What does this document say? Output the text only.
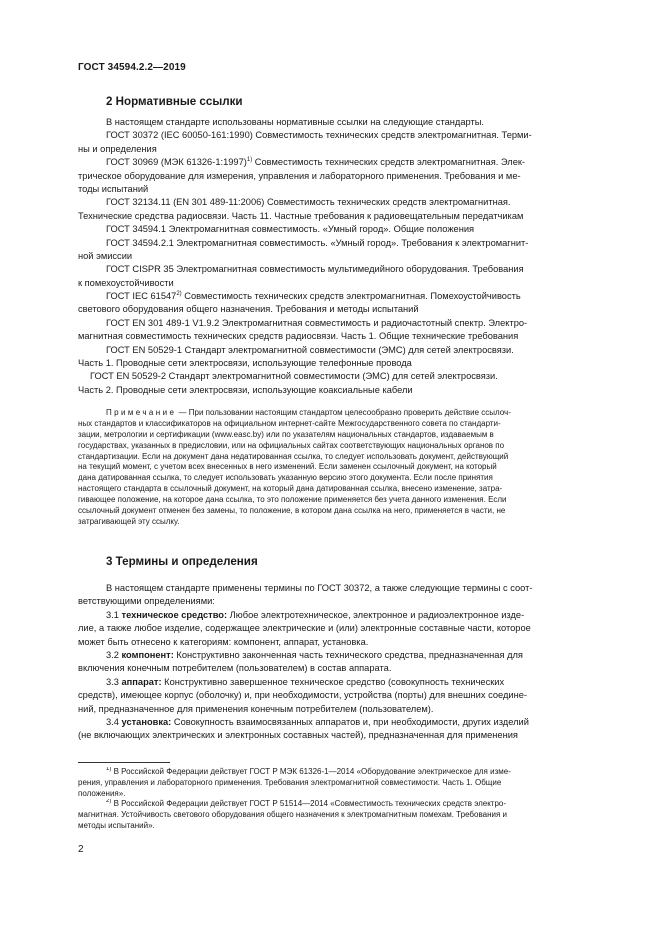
ГОСТ 34594.2.2—2019
2 Нормативные ссылки
В настоящем стандарте использованы нормативные ссылки на следующие стандарты.
ГОСТ 30372 (IEC 60050-161:1990) Совместимость технических средств электромагнитная. Терми-
ны и определения
ГОСТ 30969 (МЭК 61326-1:1997)$^{1)}$ Совместимость технических средств электромагнитная. Элек-
трическое оборудование для измерения, управления и лабораторного применения. Требования и ме-
тоды испытаний
ГОСТ 32134.11 (EN 301 489-11:2006) Совместимость технических средств электромагнитная.
Технические средства радиосвязи. Часть 11. Частные требования к радиовещательным передатчикам
ГОСТ 34594.1 Электромагнитная совместимость. «Умный город». Общие положения
ГОСТ 34594.2.1 Электромагнитная совместимость. «Умный город». Требования к электромагнит-
ной эмиссии
ГОСТ CISPR 35 Электромагнитная совместимость мультимедийного оборудования. Требования
к помехоустойчивости
ГОСТ IEC 61547$^{2)}$ Совместимость технических средств электромагнитная. Помехоустойчивость
светового оборудования общего назначения. Требования и методы испытаний
ГОСТ EN 301 489-1 V1.9.2 Электромагнитная совместимость и радиочастотный спектр. Электро-
магнитная совместимость технических средств радиосвязи. Часть 1. Общие технические требования
ГОСТ EN 50529-1 Стандарт электромагнитной совместимости (ЭМС) для сетей электросвязи.
Часть 1. Проводные сети электросвязи, использующие телефонные провода
ГОСТ EN 50529-2 Стандарт электромагнитной совместимости (ЭМС) для сетей электросвязи.
Часть 2. Проводные сети электросвязи, использующие коаксиальные кабели
Примечание — При пользовании настоящим стандартом целесообразно проверить действие ссылоч-
ных стандартов и классификаторов на официальном интернет-сайте Межгосударственного совета по стандарти-
зации, метрологии и сертификации (www.easc.by) или по указателям национальных стандартов, издаваемым в
государствах, указанных в предисловии, или на официальных сайтах соответствующих национальных органов по
стандартизации. Если на документ дана недатированная ссылка, то следует использовать документ, действующий
на текущий момент, с учетом всех внесенных в него изменений. Если заменен ссылочный документ, на который
дана датированная ссылка, то следует использовать указанную версию этого документа. Если после принятия
настоящего стандарта в ссылочный документ, на который дана датированная ссылка, внесено изменение, затра-
гивающее положение, на которое дана ссылка, то это положение применяется без учета данного изменения. Если
ссылочный документ отменен без замены, то положение, в котором дана ссылка на него, применяется в части, не
затрагивающей эту ссылку.
3 Термины и определения
В настоящем стандарте применены термины по ГОСТ 30372, а также следующие термины с соот-
ветствующими определениями:
3.1 техническое средство: Любое электротехническое, электронное и радиоэлектронное изде-
лие, а также любое изделие, содержащее электрические и (или) электронные составные части, которое
может быть отнесено к категориям: компонент, аппарат, установка.
3.2 компонент: Конструктивно законченная часть технического средства, предназначенная для
включения конечным потребителем (пользователем) в состав аппарата.
3.3 аппарат: Конструктивно завершенное техническое средство (совокупность технических
средств), имеющее корпус (оболочку) и, при необходимости, устройства (порты) для внешних соедине-
ний, предназначенное для применения конечным потребителем (пользователем).
3.4 установка: Совокупность взаимосвязанных аппаратов и, при необходимости, других изделий
(не включающих электрических и электронных составных частей), предназначенная для применения
$^{1)}$ В Российской Федерации действует ГОСТ Р МЭК 61326-1—2014 «Оборудование электрическое для изме-
рения, управления и лабораторного применения. Требования электромагнитной совместимости. Часть 1. Общие
положения».
$^{2)}$ В Российской Федерации действует ГОСТ Р 51514—2014 «Совместимость технических средств электро-
магнитная. Устойчивость светового оборудования общего назначения к электромагнитным помехам. Требования и
методы испытаний».
2
